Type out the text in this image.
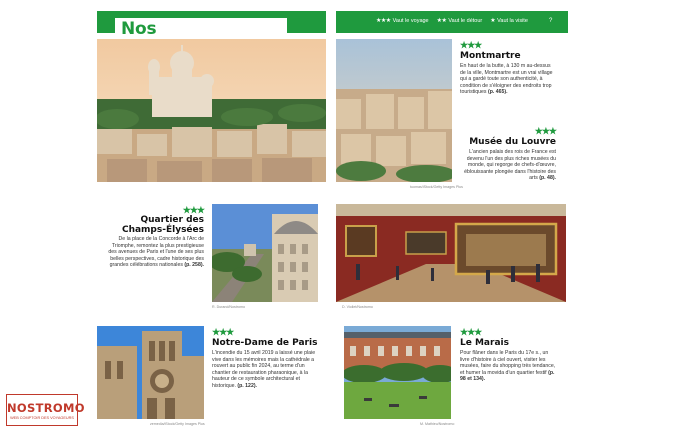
Nos	★★★ Vaut le voyage ★★ Vaut le détour ★ Vaut la visite	?
★★★
Montmartre
En haut de la butte, à 130 m au-dessus de la ville, Montmartre est un vrai village qui a gardé toute son authenticité, à condition de s'éloigner des endroits trop touristiques (p. 465).
★★★
Musée du Louvre
L'ancien palais des rois de France est devenu l'un des plus riches musées du monde, qui regorge de chefs-d'œuvre, éblouissante plongée dans l'histoire des arts (p. 48).
tuomas/iStock/Getty Images Plus
★★★
Quartier des
Champs-Élysées
De la place de la Concorde à l'Arc de Triomphe, remontez la plus prestigieuse des avenues de Paris et l'une de ses plus belles perspectives, cadre historique des grandes célébrations nationales (p. 258).
R. Durand/Nostromo	D. Viollet/Nostromo
zemedia/iStock/Getty Images Plus
★★★
Notre-Dame de Paris
L'incendie du 15 avril 2019 a laissé une plaie vive dans les mémoires mais la cathédrale a rouvert au public fin 2024, au terme d'un chantier de restauration pharaonique, à la hauteur de ce symbole architectural et historique. (p. 122).
M. Mathieu/Nostromo
★★★
Le Marais
Pour flâner dans le Paris du 17e s., un livre d'histoire à ciel ouvert, visiter les musées, faire du shopping très tendance, et humer la movida d'un quartier festif (p. 98 et 134).
NOSTROMO
WEB COMPTOIR DES VOYAGEURS
